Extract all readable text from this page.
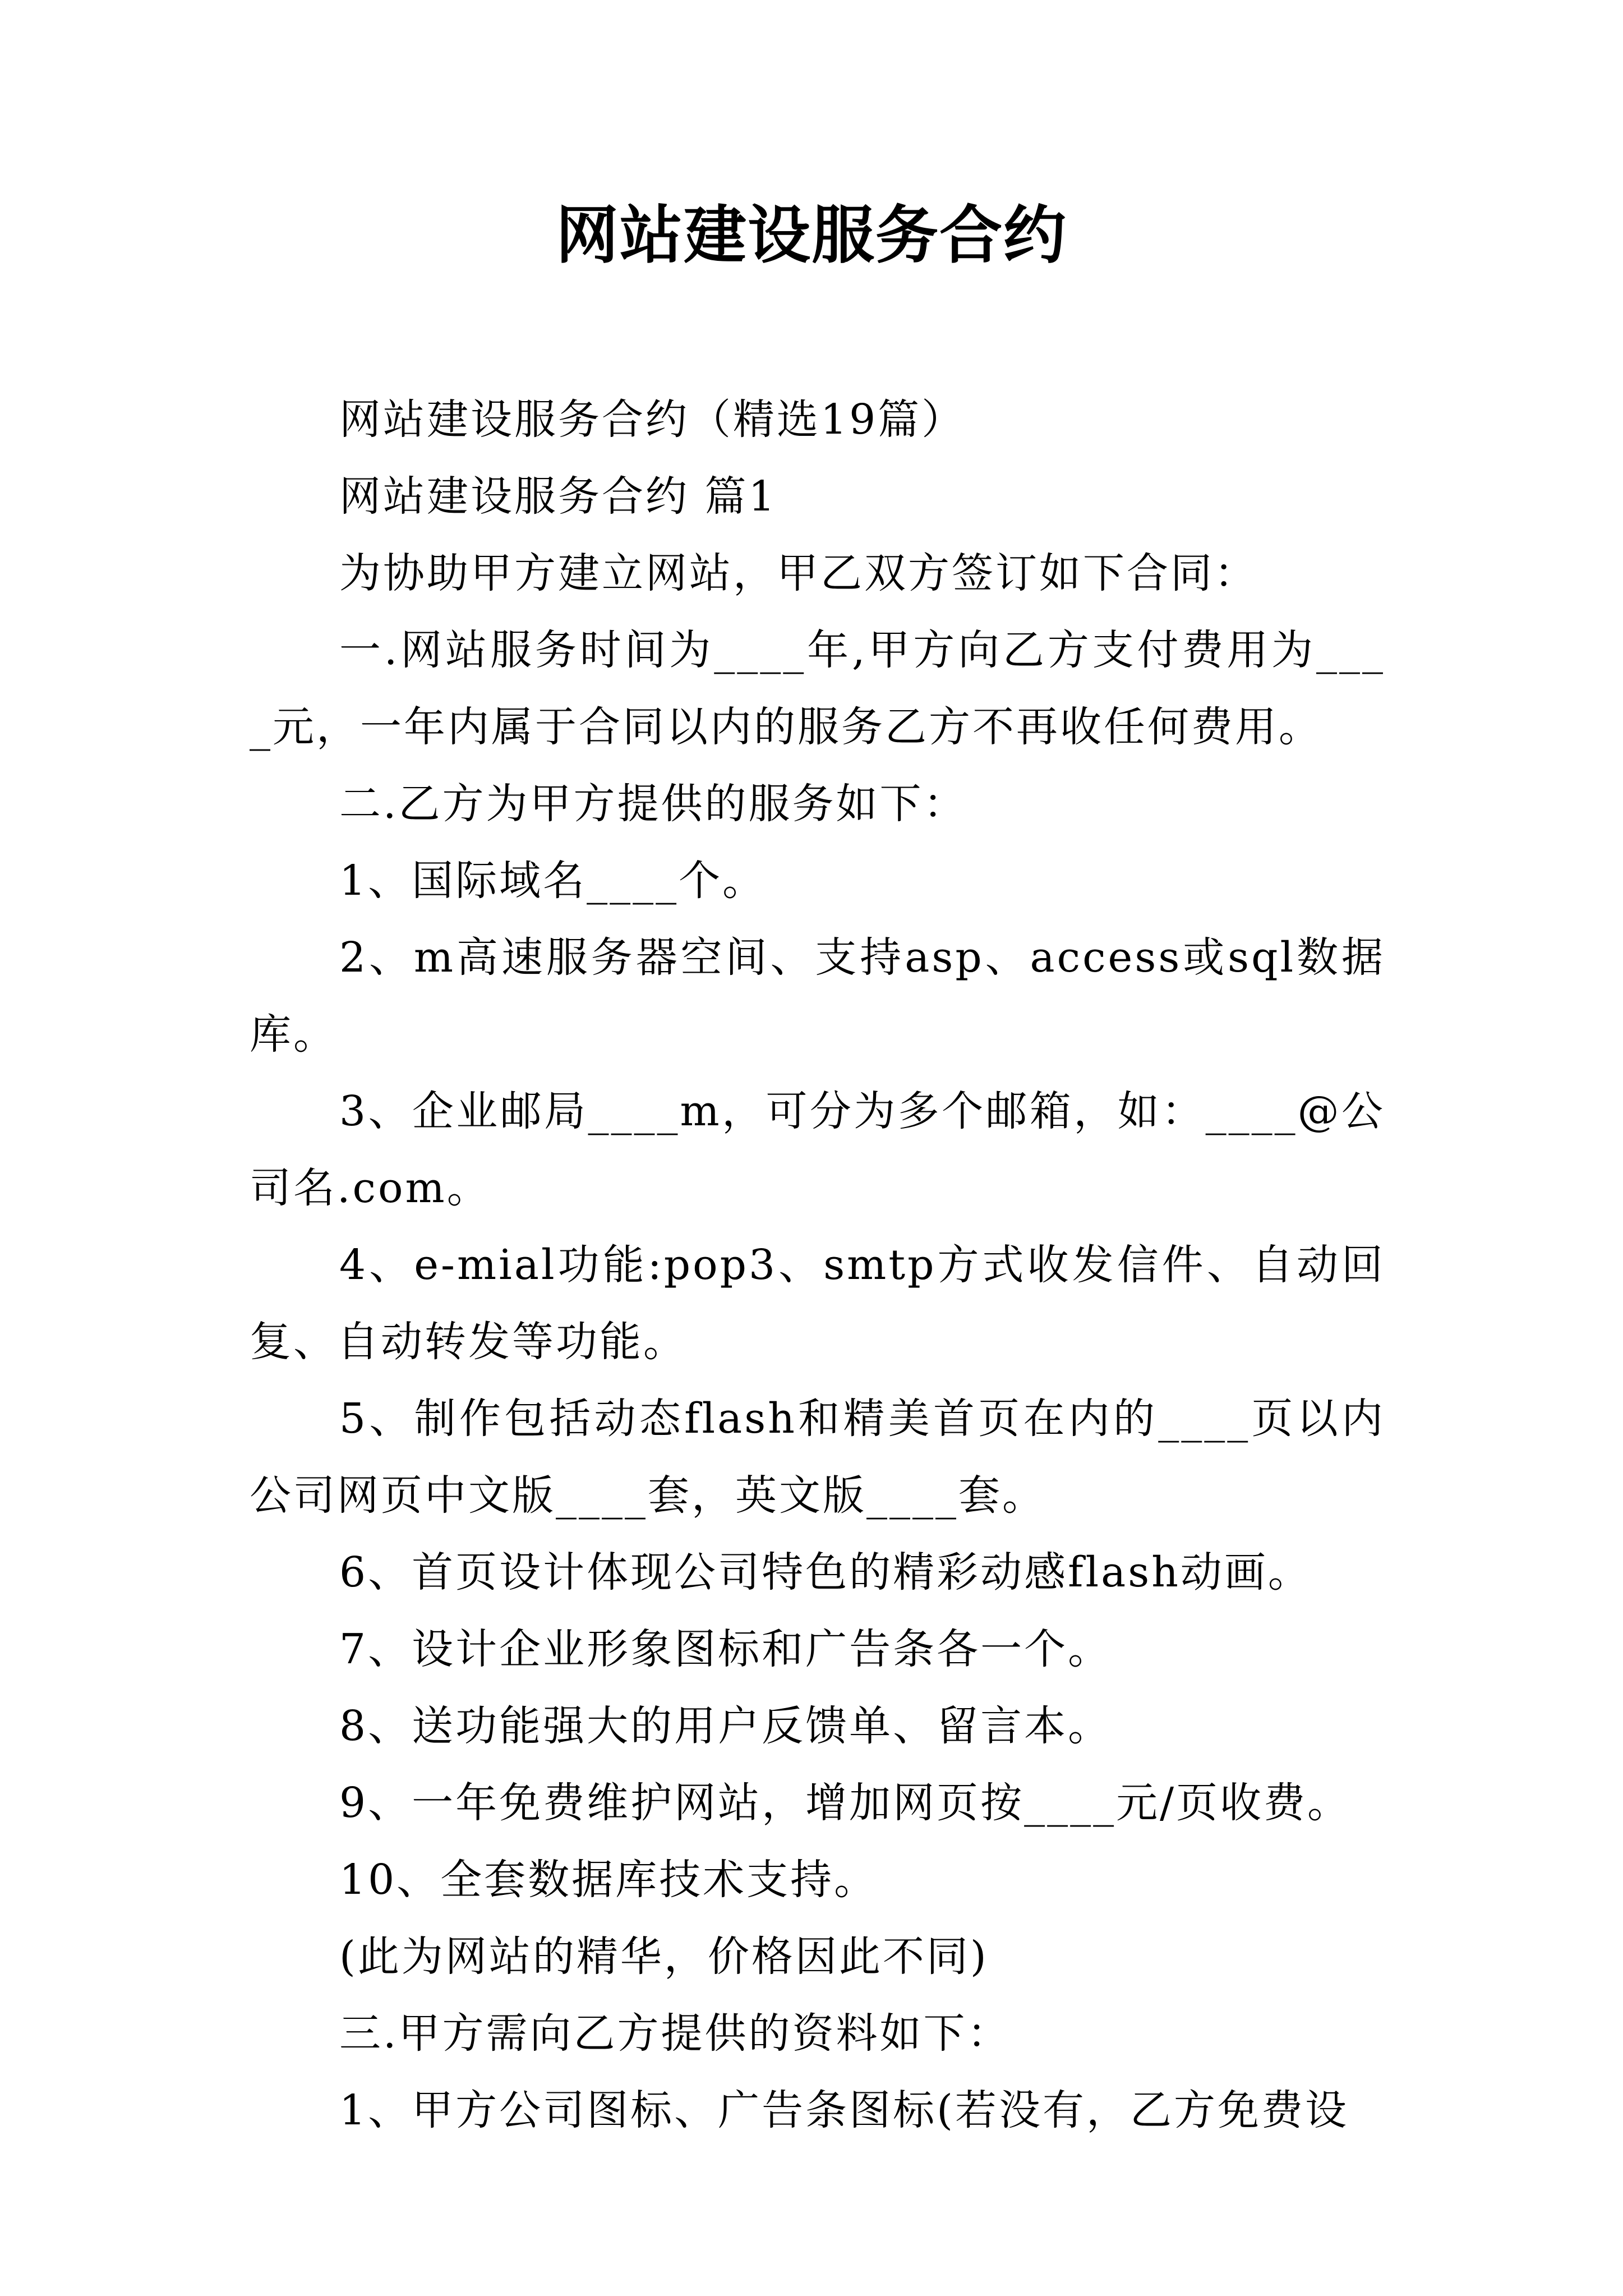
网站建设服务合约

网站建设服务合约（精选19篇）

网站建设服务合约 篇1

为协助甲方建立网站，甲乙双方签订如下合同：

一.网站服务时间为____年,甲方向乙方支付费用为____元，一年内属于合同以内的服务乙方不再收任何费用。

二.乙方为甲方提供的服务如下：

1、国际域名____个。

2、m高速服务器空间、支持asp、access或sql数据库。

3、企业邮局____m，可分为多个邮箱，如：____@公司名.com。

4、e-mial功能:pop3、smtp方式收发信件、自动回复、自动转发等功能。

5、制作包括动态flash和精美首页在内的____页以内公司网页中文版____套，英文版____套。

6、首页设计体现公司特色的精彩动感flash动画。

7、设计企业形象图标和广告条各一个。

8、送功能强大的用户反馈单、留言本。

9、一年免费维护网站，增加网页按____元/页收费。

10、全套数据库技术支持。

(此为网站的精华，价格因此不同)

三.甲方需向乙方提供的资料如下：

1、甲方公司图标、广告条图标(若没有，乙方免费设
